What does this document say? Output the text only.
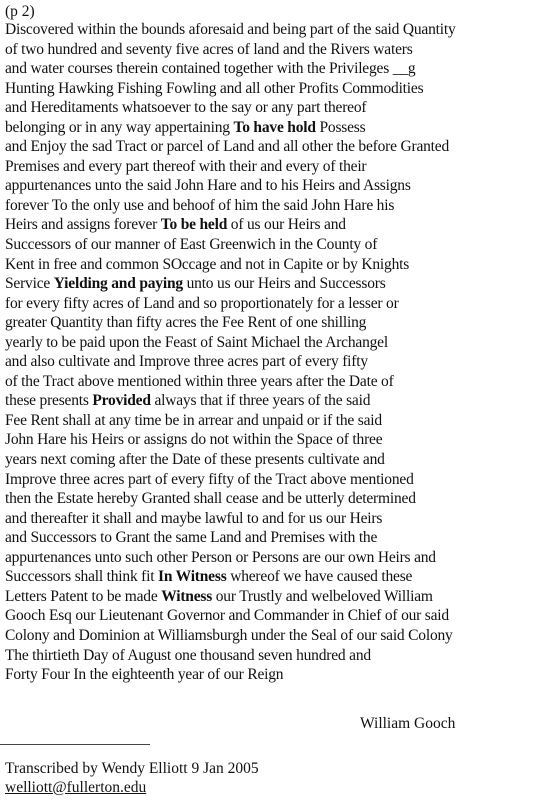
(p 2)
Discovered within the bounds aforesaid and being part of the said Quantity
of two hundred and seventy five acres of land and the Rivers waters
and water courses therein contained together with the Privileges __g
Hunting Hawking Fishing Fowling and all other Profits Commodities
and Hereditaments whatsoever to the say or any part thereof
belonging or in any way appertaining To have hold Possess
and Enjoy the sad Tract or parcel of Land and all other the before Granted
Premises and every part thereof with their and every of their
appurtenances unto the said John Hare and to his Heirs and Assigns
forever To the only use and behoof of him the said John Hare his
Heirs and assigns forever To be held of us our Heirs and
Successors of our manner of East Greenwich in the County of
Kent in free and common SOccage and not in Capite or by Knights
Service Yielding and paying unto us our Heirs and Successors
for every fifty acres of Land and so proportionately for a lesser or
greater Quantity than fifty acres the Fee Rent of one shilling
yearly to be paid upon the Feast of Saint Michael the Archangel
and also cultivate and Improve three acres part of every fifty
of the Tract above mentioned within three years after the Date of
these presents Provided always that if three years of the said
Fee Rent shall at any time be in arrear and unpaid or if the said
John Hare his Heirs or assigns do not within the Space of three
years next coming after the Date of these presents cultivate and
Improve three acres part of every fifty of the Tract above mentioned
then the Estate hereby Granted shall cease and be utterly determined
and thereafter it shall and maybe lawful to and for us our Heirs
and Successors to Grant the same Land and Premises with the
appurtenances unto such other Person or Persons are our own Heirs and
Successors shall think fit In Witness whereof we have caused these
Letters Patent to be made Witness our Trustly and welbeloved William
Gooch Esq our Lieutenant Governor and Commander in Chief of our said
Colony and Dominion at Williamsburgh under the Seal of our said Colony
The thirtieth Day of August one thousand seven hundred and
Forty Four In the eighteenth year of our Reign
William Gooch
Transcribed by Wendy Elliott 9 Jan 2005
welliott@fullerton.edu
